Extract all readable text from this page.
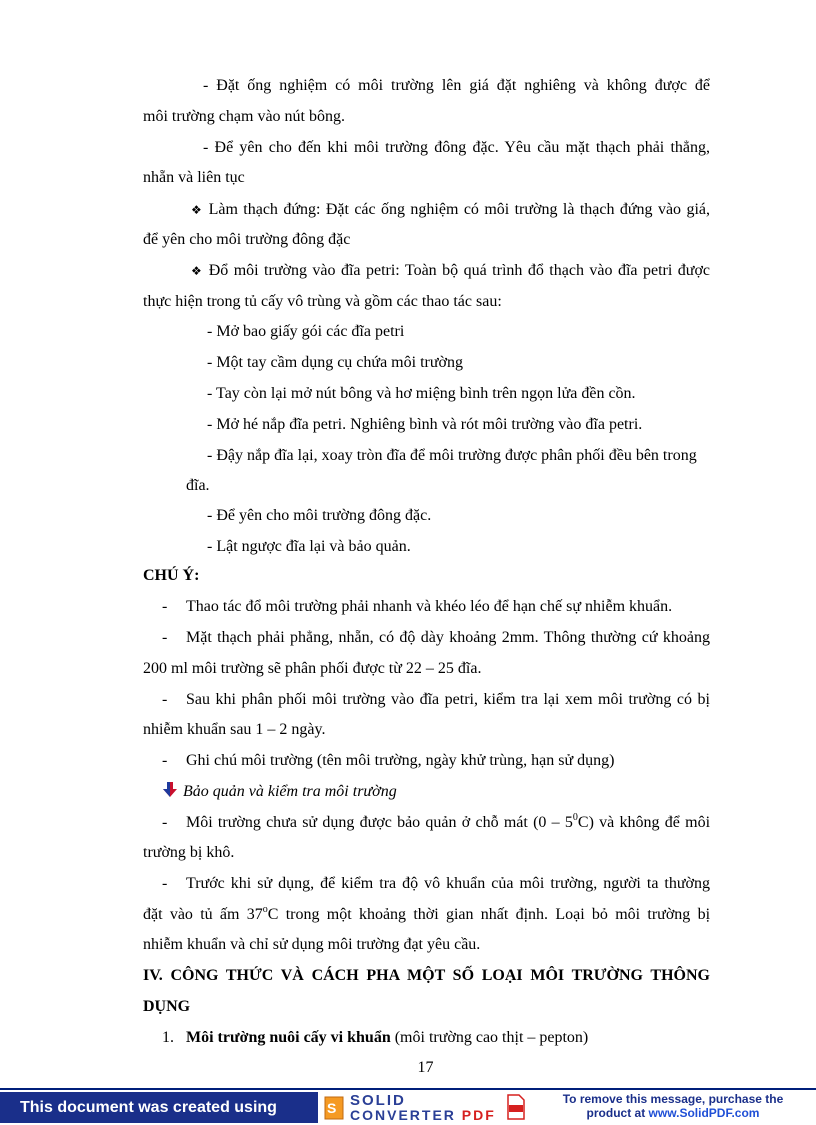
- Đặt ống nghiệm có môi trường lên giá đặt nghiêng và không được để
môi trường chạm vào nút bông.
- Để yên cho đến khi môi trường đông đặc. Yêu cầu mặt thạch phải thẳng,
nhẵn và liên tục
❖ Làm thạch đứng: Đặt các ống nghiệm có môi trường là thạch đứng vào giá,
để yên cho môi trường đông đặc
❖ Đổ môi trường vào đĩa petri: Toàn bộ quá trình đổ thạch vào đĩa petri được
thực hiện trong tủ cấy vô trùng và gồm các thao tác sau:
- Mở bao giấy gói các đĩa petri
- Một tay cầm dụng cụ chứa môi trường
- Tay còn lại mở nút bông và hơ miệng bình trên ngọn lửa đền cồn.
- Mở hé nắp đĩa petri. Nghiêng bình và rót môi trường vào đĩa petri.
- Đậy nắp đĩa lại, xoay tròn đĩa để môi trường được phân phối đều bên trong
đĩa.
- Để yên cho môi trường đông đặc.
- Lật ngược đĩa lại và bảo quản.
CHÚ Ý:
- Thao tác đổ môi trường phải nhanh và khéo léo để hạn chế sự nhiễm khuẩn.
- Mặt thạch phải phẳng, nhẵn, có độ dày khoảng 2mm. Thông thường cứ khoảng
200 ml môi trường sẽ phân phối được từ 22 – 25 đĩa.
- Sau khi phân phối môi trường vào đĩa petri, kiểm tra lại xem môi trường có bị
nhiễm khuẩn sau 1 – 2 ngày.
- Ghi chú môi trường (tên môi trường, ngày khử trùng, hạn sử dụng)
Bảo quản và kiểm tra môi trường
- Môi trường chưa sử dụng được bảo quản ở chỗ mát $(0 - 5^0C)$ và không để môi
trường bị khô.
- Trước khi sử dụng, để kiểm tra độ vô khuẩn của môi trường, người ta thường
đặt vào tủ ấm 37$^o$C trong một khoảng thời gian nhất định. Loại bỏ môi trường bị
nhiễm khuẩn và chỉ sử dụng môi trường đạt yêu cầu.
IV. CÔNG THỨC VÀ CÁCH PHA MỘT SỐ LOẠI MÔI TRƯỜNG THÔNG
DỤNG
1. Môi trường nuôi cấy vi khuẩn (môi trường cao thịt – pepton)
17
This document was created using	S SOLID
CONVERTER PDF
To remove this message, purchase the
product at www.SolidPDF.com
